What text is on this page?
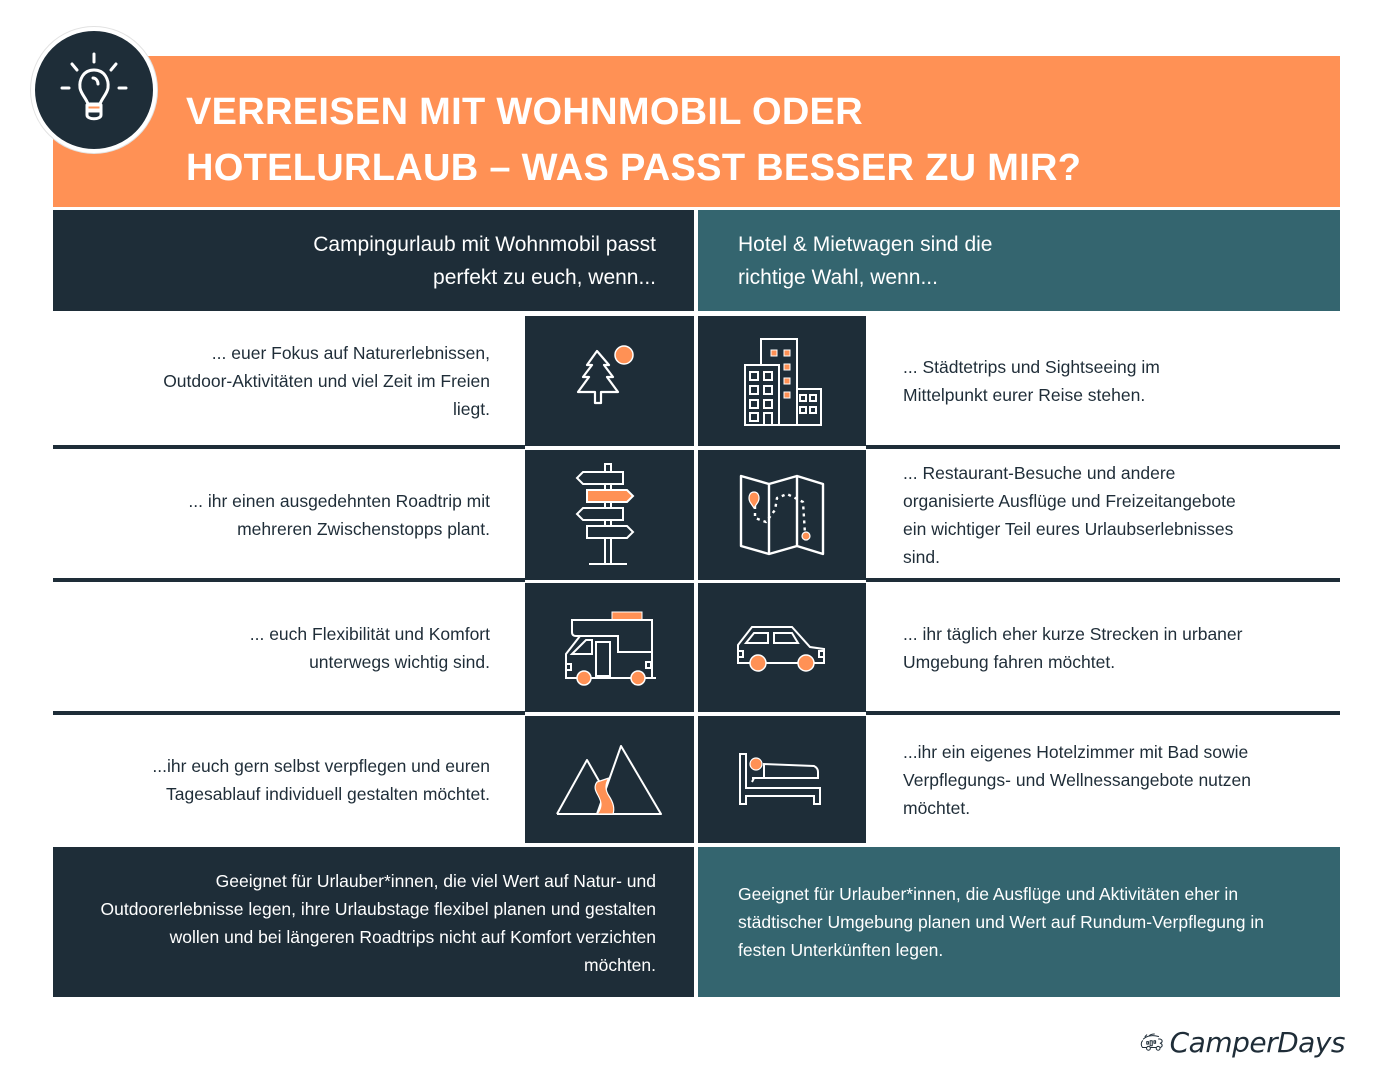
VERREISEN MIT WOHNMOBIL ODER
HOTELURLAUB – WAS PASST BESSER ZU MIR?
Campingurlaub mit Wohnmobil passt
perfekt zu euch, wenn...
Hotel & Mietwagen sind die
richtige Wahl, wenn...
... euer Fokus auf Naturerlebnissen, Outdoor-Aktivitäten und viel Zeit im Freien liegt.
... Städtetrips und Sightseeing im Mittelpunkt eurer Reise stehen.
... ihr einen ausgedehnten Roadtrip mit mehreren Zwischenstopps plant.
... Restaurant-Besuche und andere organisierte Ausflüge und Freizeitangebote ein wichtiger Teil eures Urlaubserlebnisses sind.
... euch Flexibilität und Komfort unterwegs wichtig sind.
... ihr täglich eher kurze Strecken in urbaner Umgebung fahren möchtet.
...ihr euch gern selbst verpflegen und euren Tagesablauf individuell gestalten möchtet.
...ihr ein eigenes Hotelzimmer mit Bad sowie Verpflegungs- und Wellnessangebote nutzen möchtet.
Geeignet für Urlauber*innen, die viel Wert auf Natur- und Outdoorerlebnisse legen, ihre Urlaubstage flexibel planen und gestalten wollen und bei längeren Roadtrips nicht auf Komfort verzichten möchten.
Geeignet für Urlauber*innen, die Ausflüge und Aktivitäten eher in städtischer Umgebung planen und Wert auf Rundum-Verpflegung in festen Unterkünften legen.
CamperDays
